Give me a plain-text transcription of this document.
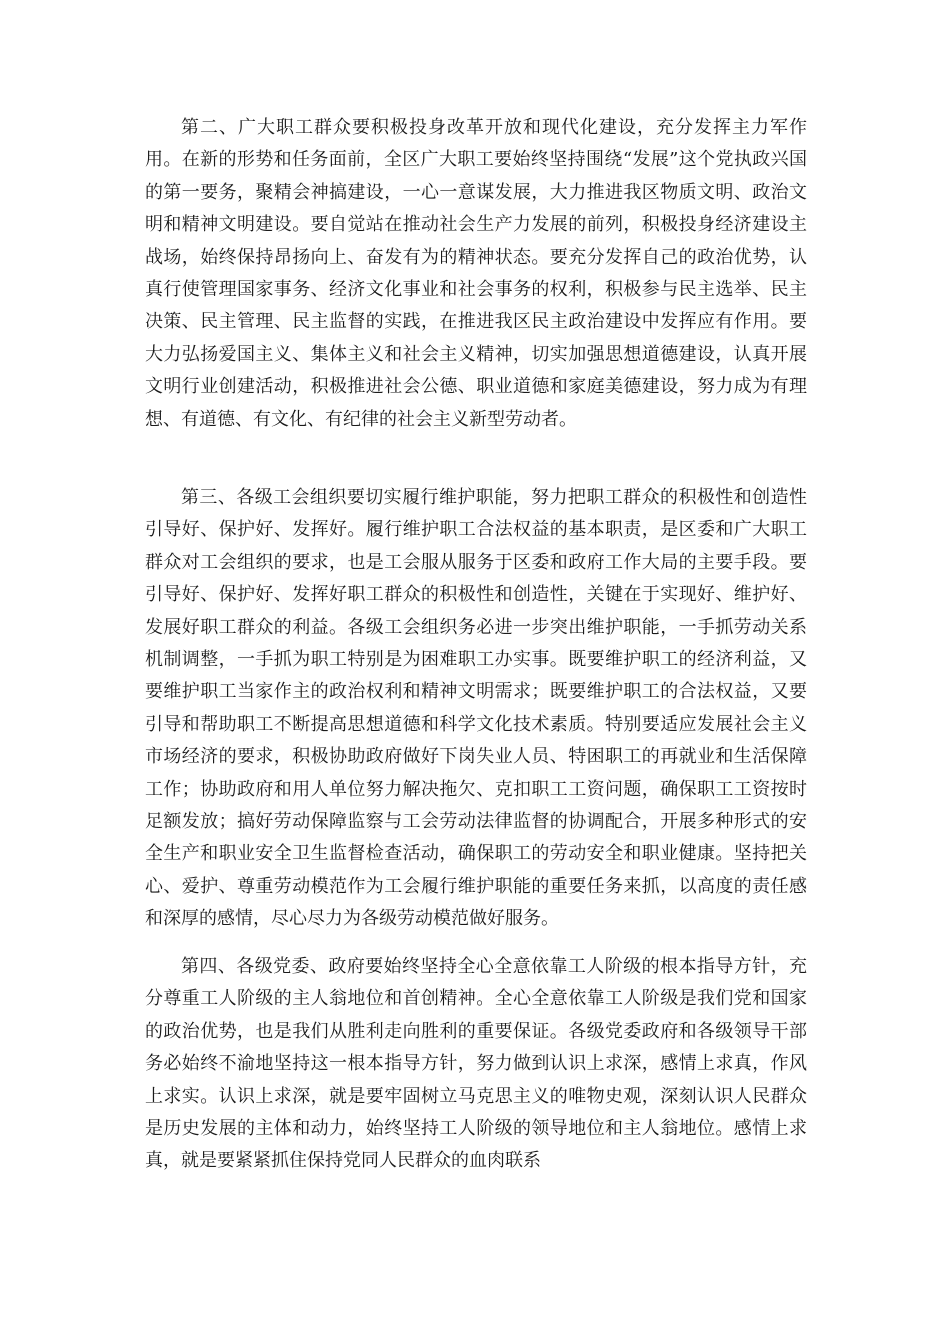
第二、广大职工群众要积极投身改革开放和现代化建设，充分发挥主力军作用。在新的形势和任务面前，全区广大职工要始终坚持围绕“发展”这个党执政兴国的第一要务，聚精会神搞建设，一心一意谋发展，大力推进我区物质文明、政治文明和精神文明建设。要自觉站在推动社会生产力发展的前列，积极投身经济建设主战场，始终保持昂扬向上、奋发有为的精神状态。要充分发挥自己的政治优势，认真行使管理国家事务、经济文化事业和社会事务的权利，积极参与民主选举、民主决策、民主管理、民主监督的实践，在推进我区民主政治建设中发挥应有作用。要大力弘扬爱国主义、集体主义和社会主义精神，切实加强思想道德建设，认真开展文明行业创建活动，积极推进社会公德、职业道德和家庭美德建设，努力成为有理想、有道德、有文化、有纪律的社会主义新型劳动者。

第三、各级工会组织要切实履行维护职能，努力把职工群众的积极性和创造性引导好、保护好、发挥好。履行维护职工合法权益的基本职责，是区委和广大职工群众对工会组织的要求，也是工会服从服务于区委和政府工作大局的主要手段。要引导好、保护好、发挥好职工群众的积极性和创造性，关键在于实现好、维护好、发展好职工群众的利益。各级工会组织务必进一步突出维护职能，一手抓劳动关系机制调整，一手抓为职工特别是为困难职工办实事。既要维护职工的经济利益，又要维护职工当家作主的政治权利和精神文明需求；既要维护职工的合法权益，又要引导和帮助职工不断提高思想道德和科学文化技术素质。特别要适应发展社会主义市场经济的要求，积极协助政府做好下岗失业人员、特困职工的再就业和生活保障工作；协助政府和用人单位努力解决拖欠、克扣职工工资问题，确保职工工资按时足额发放；搞好劳动保障监察与工会劳动法律监督的协调配合，开展多种形式的安全生产和职业安全卫生监督检查活动，确保职工的劳动安全和职业健康。坚持把关心、爱护、尊重劳动模范作为工会履行维护职能的重要任务来抓，以高度的责任感和深厚的感情，尽心尽力为各级劳动模范做好服务。

第四、各级党委、政府要始终坚持全心全意依靠工人阶级的根本指导方针，充分尊重工人阶级的主人翁地位和首创精神。全心全意依靠工人阶级是我们党和国家的政治优势，也是我们从胜利走向胜利的重要保证。各级党委政府和各级领导干部务必始终不渝地坚持这一根本指导方针，努力做到认识上求深，感情上求真，作风上求实。认识上求深，就是要牢固树立马克思主义的唯物史观，深刻认识人民群众是历史发展的主体和动力，始终坚持工人阶级的领导地位和主人翁地位。感情上求真，就是要紧紧抓住保持党同人民群众的血肉联系
